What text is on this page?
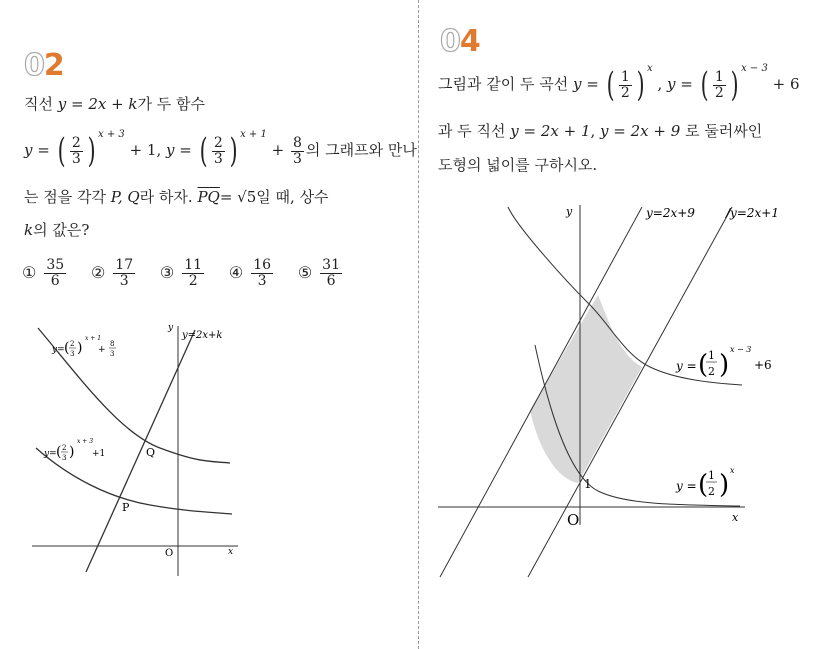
02
직선 y = 2x + k가 두 함수
y = ( $\frac{2}{3}$ ) $^{x + 3}$ + 1, y = ( $\frac{2}{3}$ ) $^{x + 1} + \frac{8}{3}$ 의 그래프와 만나
는 점을 각각 P, Q라 하자. $\overline{PQ}= √5$일 때, 상수
k의 값은?
① $\frac{35}{6}$
② $\frac{17}{3}$
③ $\frac{11}{2}$
④ $\frac{16}{3}$
⑤ $\frac{31}{6}$
y= ( 2
3 )
x + 1
+
8
3
y= ( 2
3 )
x + 3
+1
y=2x+k
y
x
O
Q
P
04
그림과 같이 두 곡선 y = ( $\frac{1}{2}$ ) $^x$ , y = ( $\frac{1}{2}$ ) $^{x - 3}$ + 6
과 두 직선 y = 2x + 1, y = 2x + 9 로 둘러싸인
도형의 넓이를 구하시오.
y=2x+9	/y=2x+1
y
x
O
1
y = ( 1
2 )
x − 3
+6
y = ( 1
2 ) x
